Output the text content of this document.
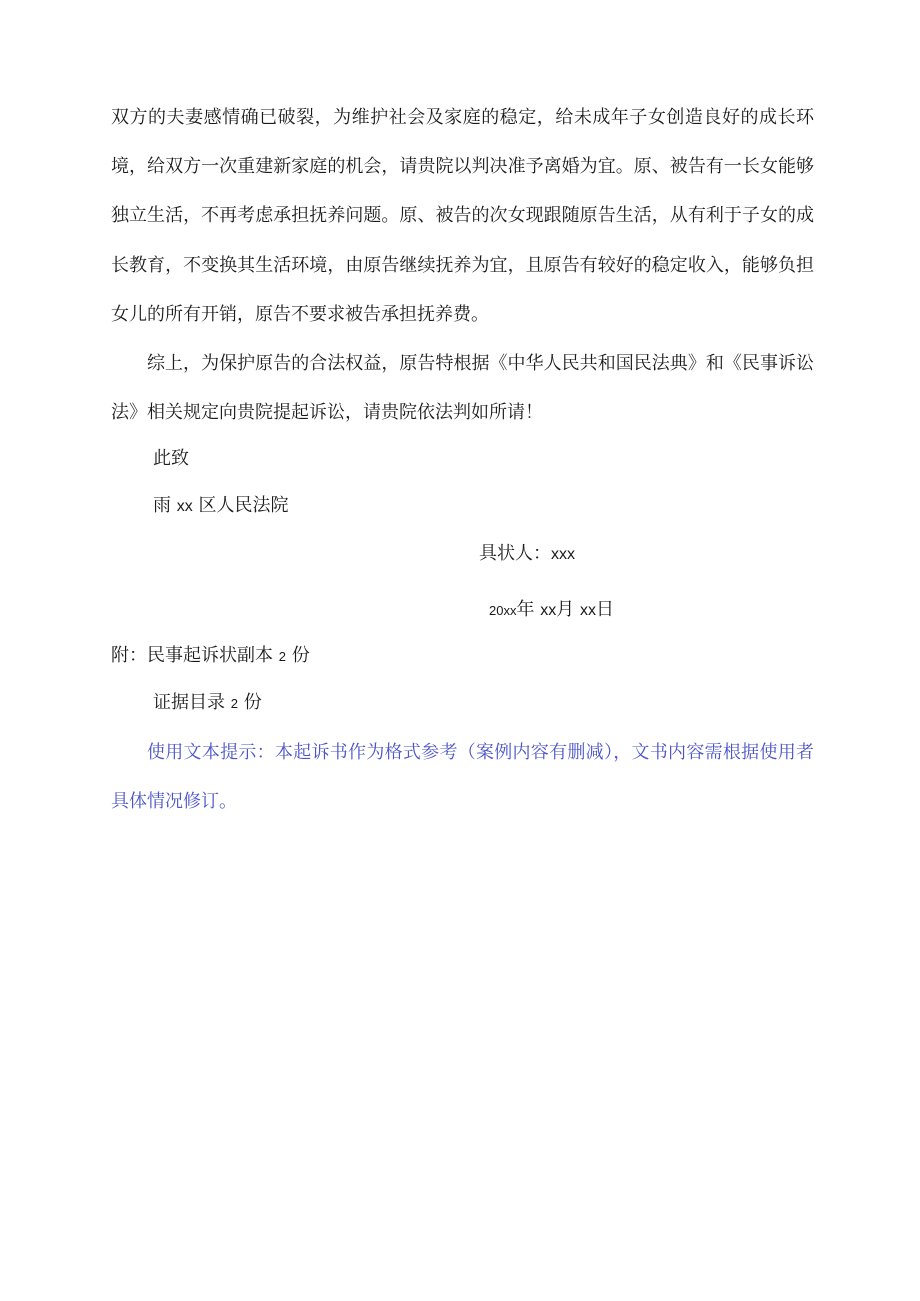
双方的夫妻感情确已破裂，为维护社会及家庭的稳定，给未成年子女创造良好的成长环境，给双方一次重建新家庭的机会，请贵院以判决准予离婚为宜。原、被告有一长女能够独立生活，不再考虑承担抚养问题。原、被告的次女现跟随原告生活，从有利于子女的成长教育，不变换其生活环境，由原告继续抚养为宜，且原告有较好的稳定收入，能够负担女儿的所有开销，原告不要求被告承担抚养费。

综上，为保护原告的合法权益，原告特根据《中华人民共和国民法典》和《民事诉讼法》相关规定向贵院提起诉讼，请贵院依法判如所请！

此致

雨 xx 区人民法院

具状人：xxx

20xx年 xx月 xx日

附：民事起诉状副本 2 份

证据目录 2 份

使用文本提示：本起诉书作为格式参考（案例内容有删减），文书内容需根据使用者具体情况修订。
